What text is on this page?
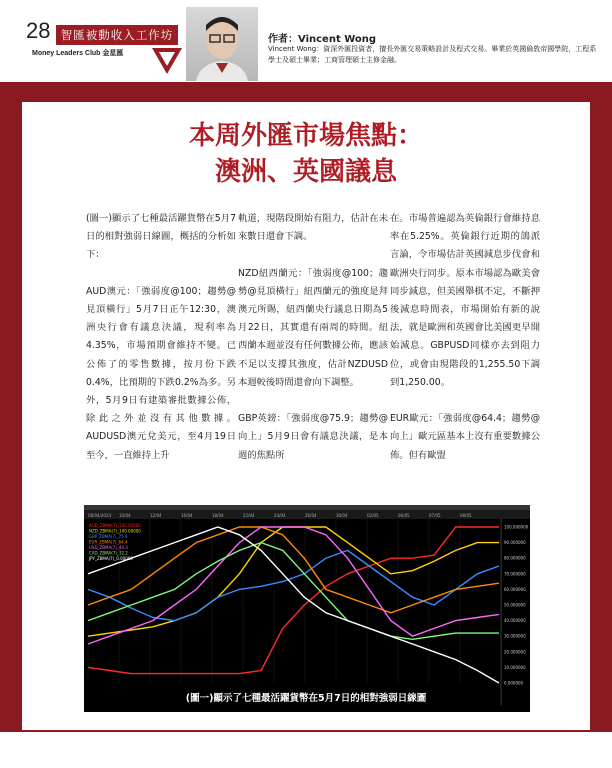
28 智匯被動收入工作坊
Money Leaders Club 金星匯
作者：Vincent Wong
Vincent Wong：資深外匯投資者，擅長外匯交易策略設計及程式交易。畢業於英國倫敦帝國學院，工程系學士及碩士畢業；工商管理碩士主修金融。
本周外匯市場焦點：
澳洲、英國議息
(圖一)顯示了七種最活躍貨幣在5月7日的相對強弱日線圖，概括的分析如下：

AUD澳元：「強弱度@100；趨勢@見頂橫行」5月7日正午12:30，澳洲央行會有議息決議，現利率為4.35%，市場預期會維持不變。已公佈了的零售數據，按月份下跌0.4%，比預期的下跌0.2%為多。另外，5月9日有建築審批數據公佈，除此之外並沒有其他數據。AUDUSD澳元兌美元，至4月19日至今，一直維持上升
軌道，現階段開始有阻力，估計在未來數日還會下調。

NZD紐西蘭元：「強弱度@100；趨勢@見頂橫行」紐西蘭元的強度是拜澳元所賜，紐西蘭央行議息日期為5月22日，其實還有兩周的時間。紐西蘭本週並沒有任何數據公佈，應該不足以支撐其強度，估計NZDUSD本週較後時間還會向下調整。

GBP英鎊：「強弱度@75.9；趨勢@向上」5月9日會有議息決議，是本週的焦點所
在。市場普遍認為英倫銀行會維持息率在5.25%。英倫銀行近期的鴿派言論，令市場估計英國減息步伐會和歐洲央行同步。原本市場認為歐美會同步減息，但美國舉棋不定，不斷押後減息時間表，市場開始有新的說法，就是歐洲和英國會比美國更早開始減息。GBPUSD同樣亦去到阻力位，或會由現階段的1,255.50下調到1,250.00。

EUR歐元：「強弱度@64.4；趨勢@向上」歐元區基本上沒有重要數據公佈。但有歐盟
08/04/2024 10/04	12/04	16/04	18/04	22/04	24/04	26/04	30/04	02/05	06/05	07/05	08/05
AUD_ZBMA(7)_100.00000
NZD_ZBMA(7)_100.00000
GBP_ZBMA(7)_75.9
EUR_ZBMA(7)_64.4
USD_ZBMA(7)_44.3
CAD_ZBMA(7)_32.2
JPY_ZBMA(7)_0.00000
100.000000
90.000000
80.000000
70.000000
60.000000
50.000000
40.000000
30.000000
20.000000
10.000000
0.000000
(圖一)顯示了七種最活躍貨幣在5月7日的相對強弱日線圖
